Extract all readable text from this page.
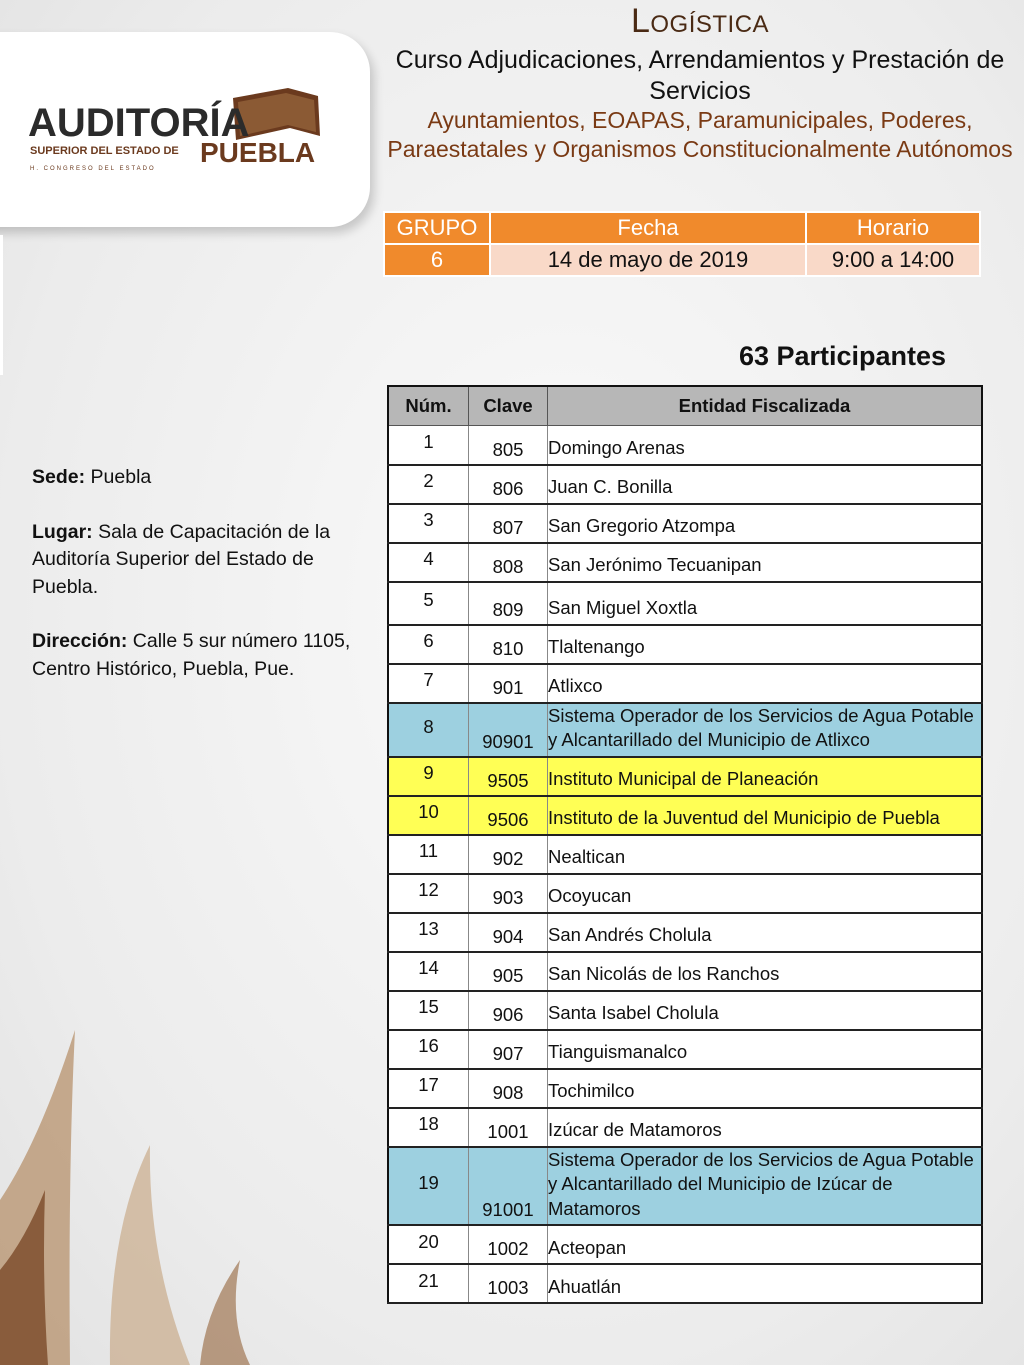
AUDITORÍA
SUPERIOR DEL ESTADO DE PUEBLA
H. CONGRESO DEL ESTADO
Logística
Curso Adjudicaciones, Arrendamientos y Prestación de Servicios
Ayuntamientos, EOAPAS, Paramunicipales, Poderes, Paraestatales y Organismos Constitucionalmente Autónomos
GRUPO	Fecha	Horario
6	14 de mayo de 2019	9:00 a 14:00
63 Participantes

Sede: Puebla

Lugar: Sala de Capacitación de la Auditoría Superior del Estado de Puebla.

Dirección: Calle 5 sur número 1105, Centro Histórico, Puebla, Pue.

Núm.	Clave	Entidad Fiscalizada
1	805	Domingo Arenas
2	806	Juan C. Bonilla
3	807	San Gregorio Atzompa
4	808	San Jerónimo Tecuanipan
5	809	San Miguel Xoxtla
6	810	Tlaltenango
7	901	Atlixco
8	90901	Sistema Operador de los Servicios de Agua Potable y Alcantarillado del Municipio de Atlixco
9	9505	Instituto Municipal de Planeación
10	9506	Instituto de la Juventud del Municipio de Puebla
11	902	Nealtican
12	903	Ocoyucan
13	904	San Andrés Cholula
14	905	San Nicolás de los Ranchos
15	906	Santa Isabel Cholula
16	907	Tianguismanalco
17	908	Tochimilco
18	1001	Izúcar de Matamoros
19	91001	Sistema Operador de los Servicios de Agua Potable y Alcantarillado del Municipio de Izúcar de Matamoros
20	1002	Acteopan
21	1003	Ahuatlán
